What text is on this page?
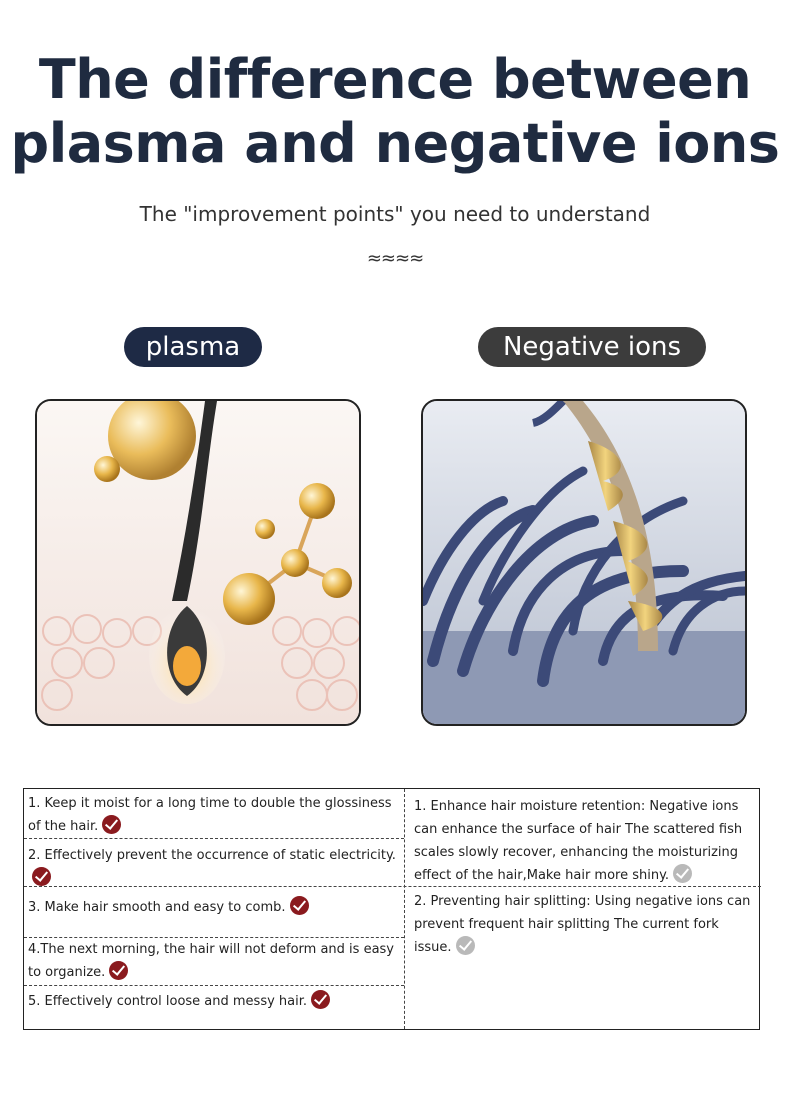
The difference between
plasma and negative ions
The "improvement points" you need to understand
≈≈≈≈
plasma	Negative ions
1. Keep it moist for a long time to double the glossiness of the hair.
2. Effectively prevent the occurrence of static electricity.
3. Make hair smooth and easy to comb.
4.The next morning, the hair will not deform and is easy to organize.
5. Effectively control loose and messy hair.
1. Enhance hair moisture retention: Negative ions can enhance the surface of hair The scattered fish scales slowly recover, enhancing the moisturizing effect of the hair,Make hair more shiny.
2. Preventing hair splitting: Using negative ions can prevent frequent hair splitting The current fork issue.
